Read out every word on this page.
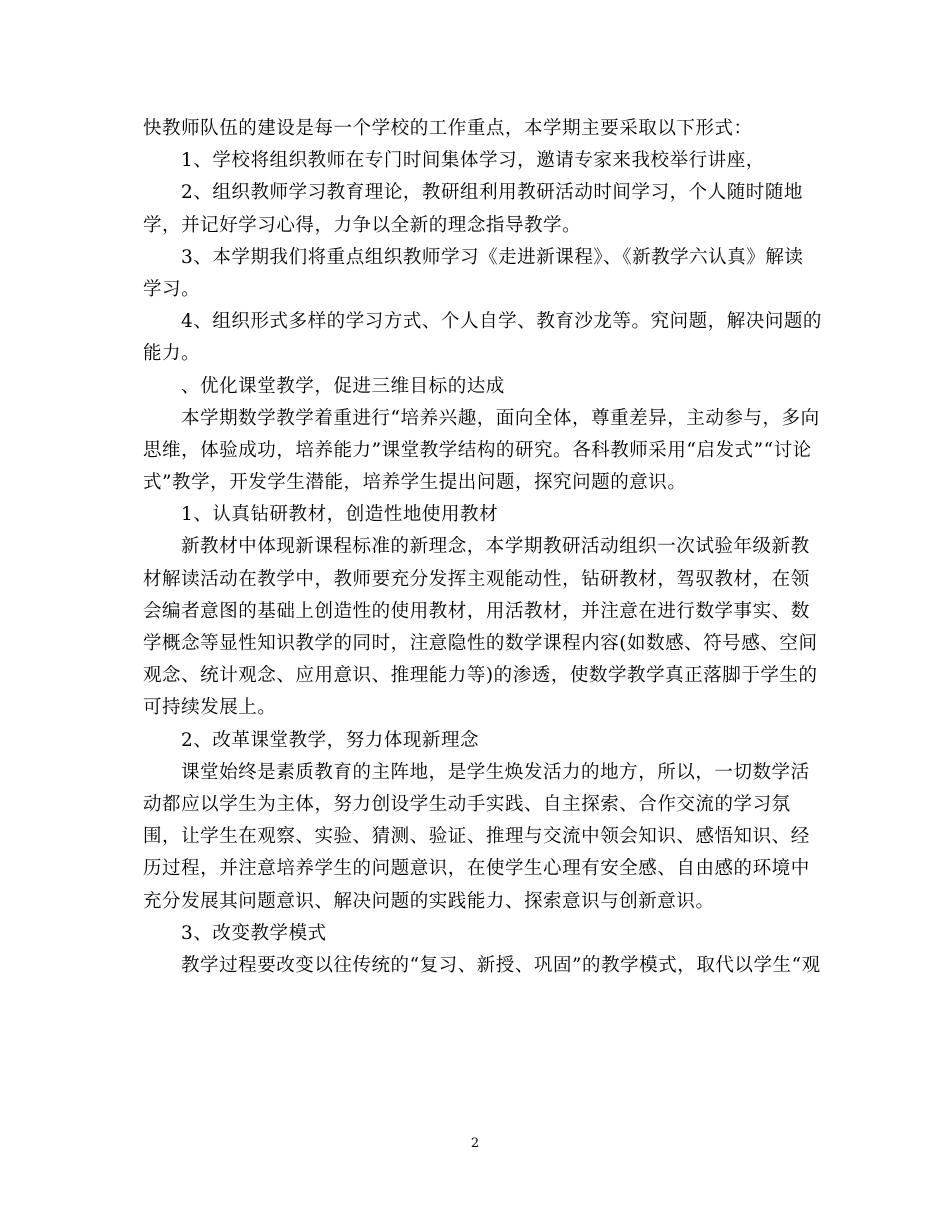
快教师队伍的建设是每一个学校的工作重点，本学期主要采取以下形式：
1、学校将组织教师在专门时间集体学习，邀请专家来我校举行讲座，
2、组织教师学习教育理论，教研组利用教研活动时间学习，个人随时随地
学，并记好学习心得，力争以全新的理念指导教学。
3、本学期我们将重点组织教师学习《走进新课程》、《新教学六认真》解读
学习。
4、组织形式多样的学习方式、个人自学、教育沙龙等。究问题，解决问题的
能力。
、优化课堂教学，促进三维目标的达成
本学期数学教学着重进行“培养兴趣，面向全体，尊重差异，主动参与，多向
思维，体验成功，培养能力”课堂教学结构的研究。各科教师采用“启发式”“讨论
式”教学，开发学生潜能，培养学生提出问题，探究问题的意识。
1、认真钻研教材，创造性地使用教材
新教材中体现新课程标准的新理念，本学期教研活动组织一次试验年级新教
材解读活动在教学中，教师要充分发挥主观能动性，钻研教材，驾驭教材，在领
会编者意图的基础上创造性的使用教材，用活教材，并注意在进行数学事实、数
学概念等显性知识教学的同时，注意隐性的数学课程内容(如数感、符号感、空间
观念、统计观念、应用意识、推理能力等)的渗透，使数学教学真正落脚于学生的
可持续发展上。
2、改革课堂教学，努力体现新理念
课堂始终是素质教育的主阵地，是学生焕发活力的地方，所以，一切数学活
动都应以学生为主体，努力创设学生动手实践、自主探索、合作交流的学习氛
围，让学生在观察、实验、猜测、验证、推理与交流中领会知识、感悟知识、经
历过程，并注意培养学生的问题意识，在使学生心理有安全感、自由感的环境中
充分发展其问题意识、解决问题的实践能力、探索意识与创新意识。
3、改变教学模式
教学过程要改变以往传统的“复习、新授、巩固”的教学模式，取代以学生“观
2
